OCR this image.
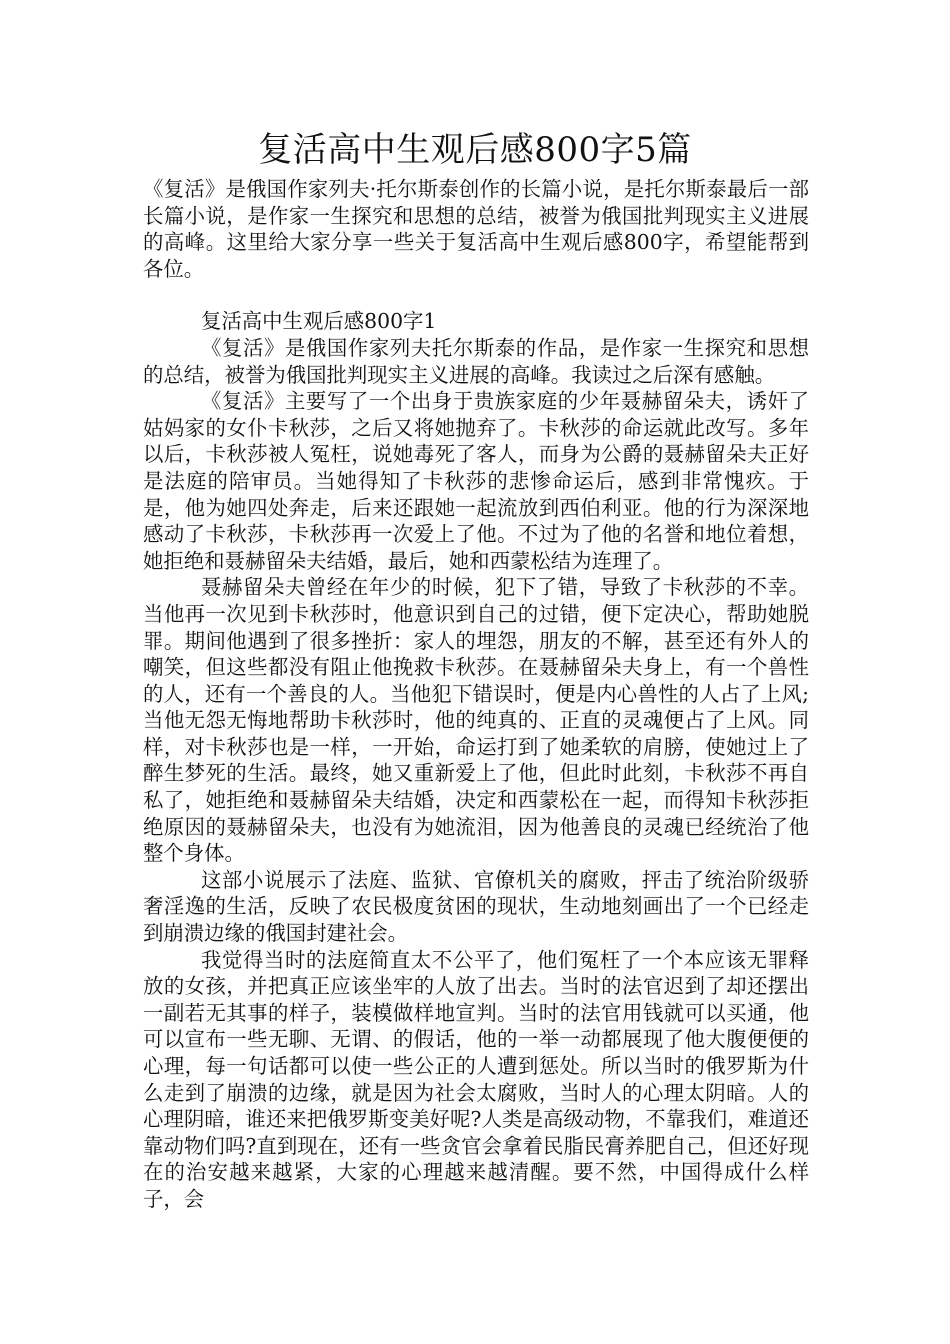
复活高中生观后感800字5篇

《复活》是俄国作家列夫·托尔斯泰创作的长篇小说，是托尔斯泰最后一部长篇小说，是作家一生探究和思想的总结，被誉为俄国批判现实主义进展的高峰。这里给大家分享一些关于复活高中生观后感800字，希望能帮到各位。

复活高中生观后感800字1

《复活》是俄国作家列夫托尔斯泰的作品，是作家一生探究和思想的总结，被誉为俄国批判现实主义进展的高峰。我读过之后深有感触。

《复活》主要写了一个出身于贵族家庭的少年聂赫留朵夫，诱奸了姑妈家的女仆卡秋莎，之后又将她抛弃了。卡秋莎的命运就此改写。多年以后，卡秋莎被人冤枉，说她毒死了客人，而身为公爵的聂赫留朵夫正好是法庭的陪审员。当她得知了卡秋莎的悲惨命运后，感到非常愧疚。于是，他为她四处奔走，后来还跟她一起流放到西伯利亚。他的行为深深地感动了卡秋莎，卡秋莎再一次爱上了他。不过为了他的名誉和地位着想，她拒绝和聂赫留朵夫结婚，最后，她和西蒙松结为连理了。

聂赫留朵夫曾经在年少的时候，犯下了错，导致了卡秋莎的不幸。当他再一次见到卡秋莎时，他意识到自己的过错，便下定决心，帮助她脱罪。期间他遇到了很多挫折：家人的埋怨，朋友的不解，甚至还有外人的嘲笑，但这些都没有阻止他挽救卡秋莎。在聂赫留朵夫身上，有一个兽性的人，还有一个善良的人。当他犯下错误时，便是内心兽性的人占了上风;当他无怨无悔地帮助卡秋莎时，他的纯真的、正直的灵魂便占了上风。同样，对卡秋莎也是一样，一开始，命运打到了她柔软的肩膀，使她过上了醉生梦死的生活。最终，她又重新爱上了他，但此时此刻，卡秋莎不再自私了，她拒绝和聂赫留朵夫结婚，决定和西蒙松在一起，而得知卡秋莎拒绝原因的聂赫留朵夫，也没有为她流泪，因为他善良的灵魂已经统治了他整个身体。

这部小说展示了法庭、监狱、官僚机关的腐败，抨击了统治阶级骄奢淫逸的生活，反映了农民极度贫困的现状，生动地刻画出了一个已经走到崩溃边缘的俄国封建社会。

我觉得当时的法庭简直太不公平了，他们冤枉了一个本应该无罪释放的女孩，并把真正应该坐牢的人放了出去。当时的法官迟到了却还摆出一副若无其事的样子，装模做样地宣判。当时的法官用钱就可以买通，他可以宣布一些无聊、无谓、的假话，他的一举一动都展现了他大腹便便的心理，每一句话都可以使一些公正的人遭到惩处。所以当时的俄罗斯为什么走到了崩溃的边缘，就是因为社会太腐败，当时人的心理太阴暗。人的心理阴暗，谁还来把俄罗斯变美好呢?人类是高级动物，不靠我们，难道还靠动物们吗?直到现在，还有一些贪官会拿着民脂民膏养肥自己，但还好现在的治安越来越紧，大家的心理越来越清醒。要不然，中国得成什么样子，会
